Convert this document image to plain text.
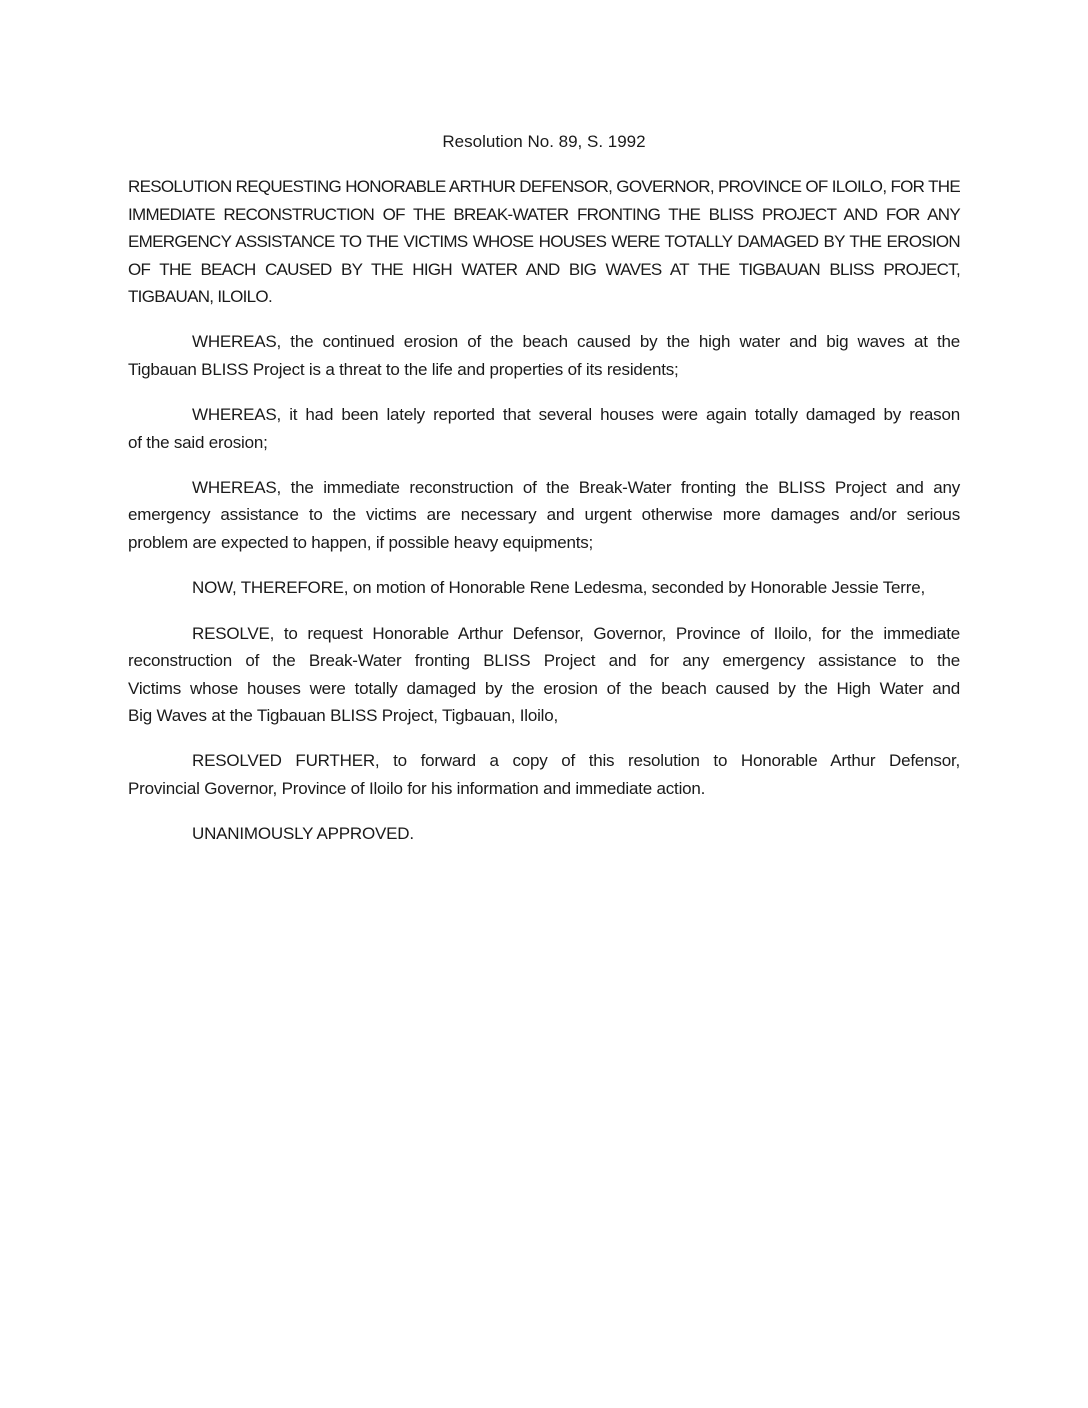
Resolution No. 89, S. 1992
RESOLUTION REQUESTING HONORABLE ARTHUR DEFENSOR, GOVERNOR, PROVINCE OF ILOILO, FOR THE
IMMEDIATE RECONSTRUCTION OF THE BREAK-WATER FRONTING THE BLISS PROJECT AND FOR ANY
EMERGENCY ASSISTANCE TO THE VICTIMS WHOSE HOUSES WERE TOTALLY DAMAGED BY THE EROSION
OF THE BEACH CAUSED BY THE HIGH WATER AND BIG WAVES AT THE TIGBAUAN BLISS PROJECT,
TIGBAUAN, ILOILO.
WHEREAS, the continued erosion of the beach caused by the high water and big waves at the
Tigbauan BLISS Project is a threat to the life and properties of its residents;
WHEREAS, it had been lately reported that several houses were again totally damaged by reason
of the said erosion;
WHEREAS, the immediate reconstruction of the Break-Water fronting the BLISS Project and any
emergency assistance to the victims are necessary and urgent otherwise more damages and/or serious
problem are expected to happen, if possible heavy equipments;
NOW, THEREFORE, on motion of Honorable Rene Ledesma, seconded by Honorable Jessie Terre,
RESOLVE, to request Honorable Arthur Defensor, Governor, Province of Iloilo, for the immediate
reconstruction of the Break-Water fronting BLISS Project and for any emergency assistance to the
Victims whose houses were totally damaged by the erosion of the beach caused by the High Water and
Big Waves at the Tigbauan BLISS Project, Tigbauan, Iloilo,
RESOLVED FURTHER, to forward a copy of this resolution to Honorable Arthur Defensor,
Provincial Governor, Province of Iloilo for his information and immediate action.
UNANIMOUSLY APPROVED.
